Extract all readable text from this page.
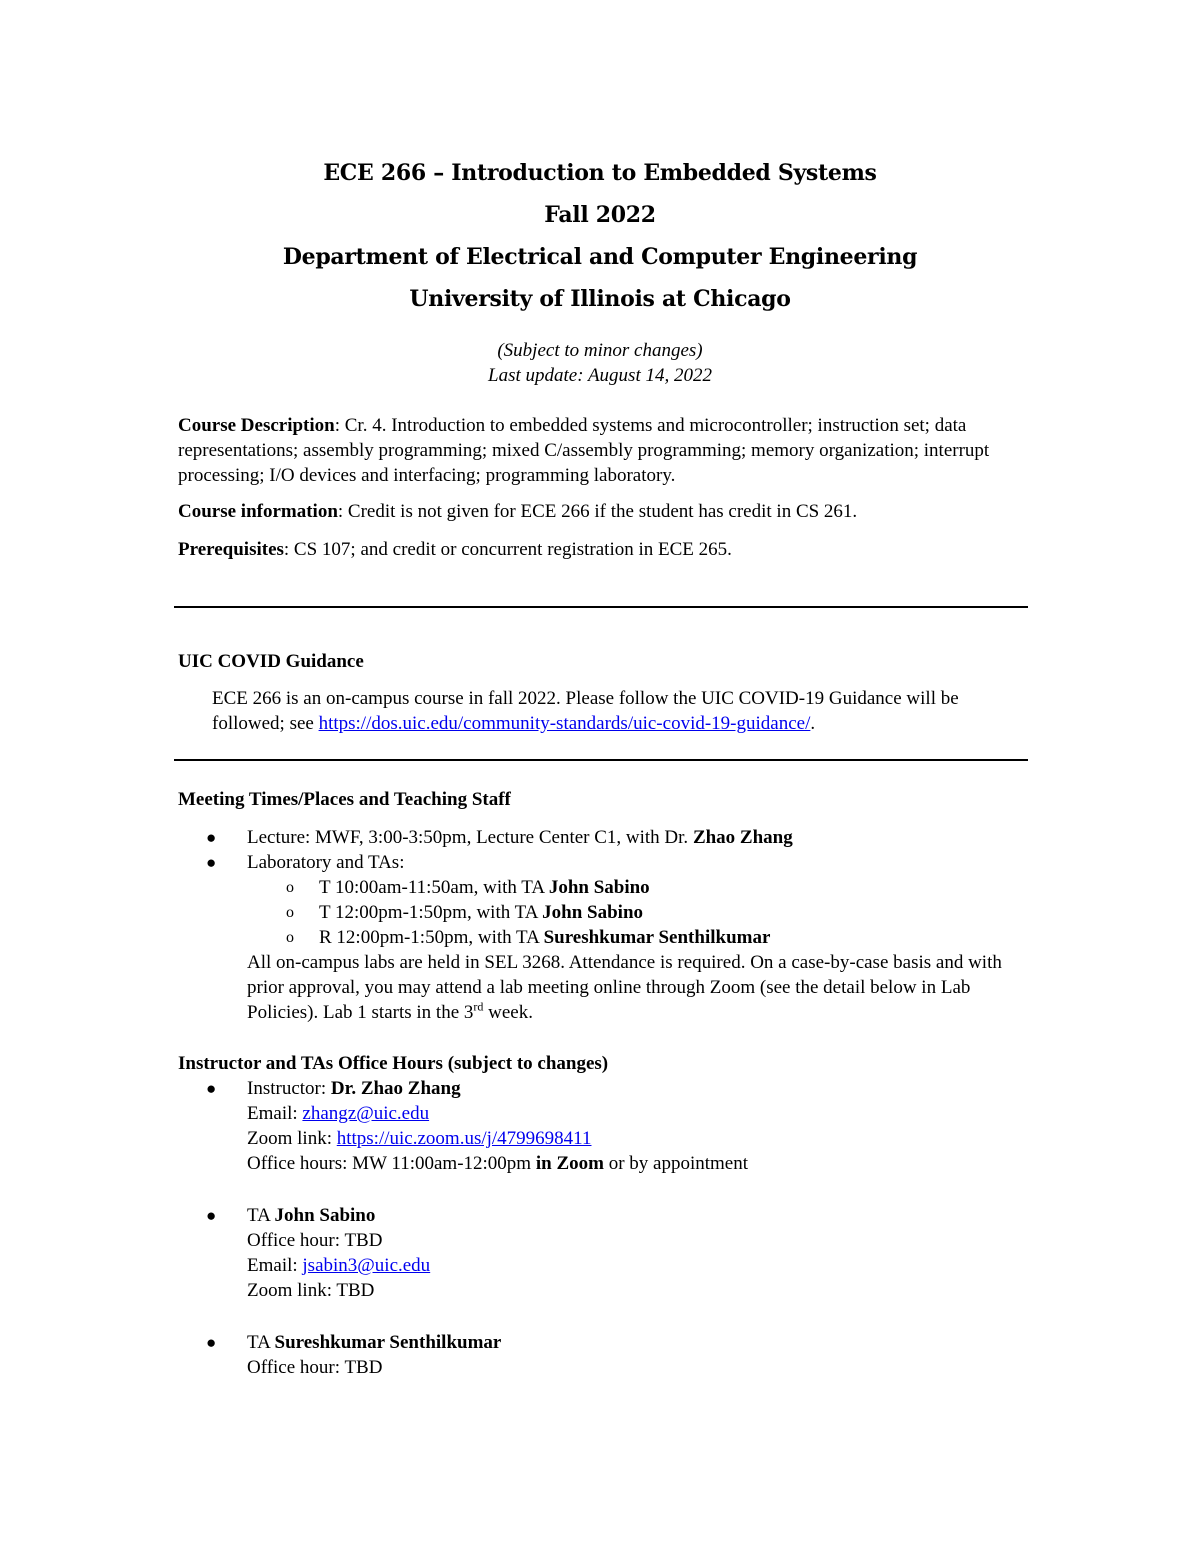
ECE 266 – Introduction to Embedded Systems
Fall 2022
Department of Electrical and Computer Engineering
University of Illinois at Chicago
(Subject to minor changes)
Last update: August 14, 2022
Course Description: Cr. 4. Introduction to embedded systems and microcontroller; instruction set; data representations; assembly programming; mixed C/assembly programming; memory organization; interrupt processing; I/O devices and interfacing; programming laboratory.
Course information: Credit is not given for ECE 266 if the student has credit in CS 261.
Prerequisites: CS 107; and credit or concurrent registration in ECE 265.
UIC COVID Guidance
ECE 266 is an on-campus course in fall 2022. Please follow the UIC COVID-19 Guidance will be followed; see https://dos.uic.edu/community-standards/uic-covid-19-guidance/.
Meeting Times/Places and Teaching Staff
● Lecture: MWF, 3:00-3:50pm, Lecture Center C1, with Dr. Zhao Zhang
● Laboratory and TAs:
o T 10:00am-11:50am, with TA John Sabino
o T 12:00pm-1:50pm, with TA John Sabino
o R 12:00pm-1:50pm, with TA Sureshkumar Senthilkumar
All on-campus labs are held in SEL 3268. Attendance is required. On a case-by-case basis and with prior approval, you may attend a lab meeting online through Zoom (see the detail below in Lab Policies). Lab 1 starts in the 3rd week.
Instructor and TAs Office Hours (subject to changes)
● Instructor: Dr. Zhao Zhang
Email: zhangz@uic.edu
Zoom link: https://uic.zoom.us/j/4799698411
Office hours: MW 11:00am-12:00pm in Zoom or by appointment
● TA John Sabino
Office hour: TBD
Email: jsabin3@uic.edu
Zoom link: TBD
● TA Sureshkumar Senthilkumar
Office hour: TBD
